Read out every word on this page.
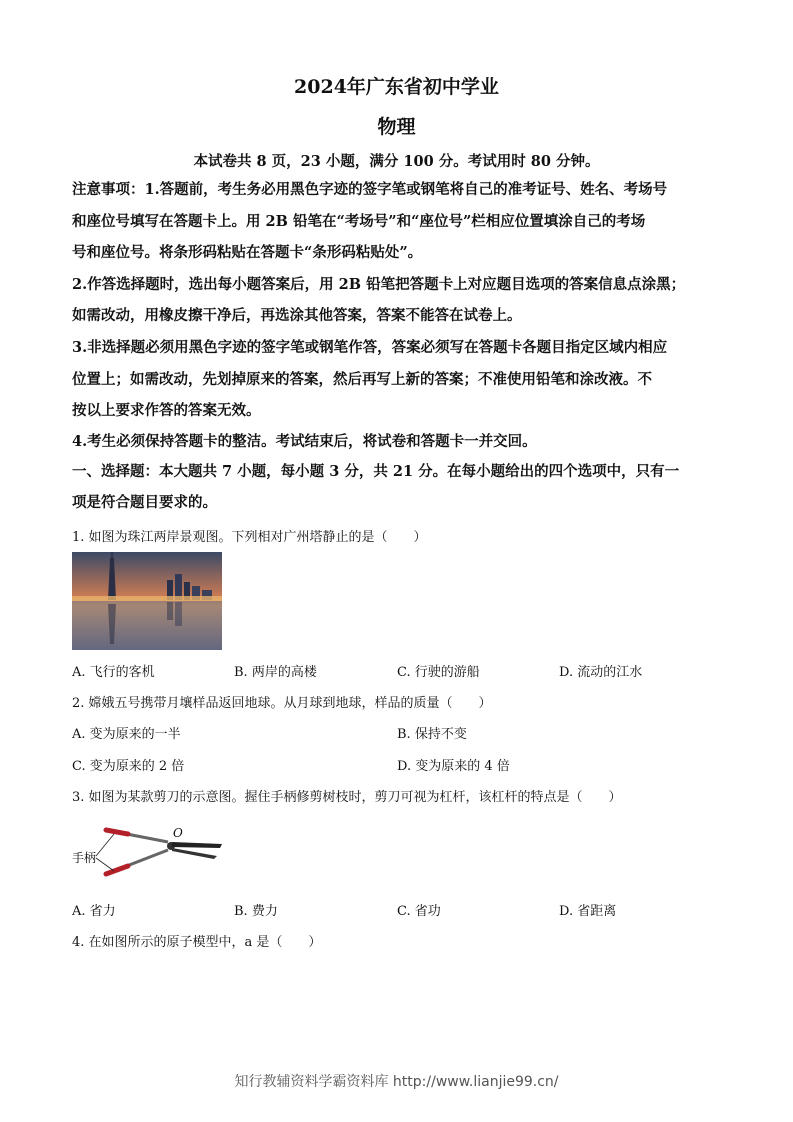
2024年广东省初中学业
物理
本试卷共 8 页，23 小题，满分 100 分。考试用时 80 分钟。
注意事项：1.答题前，考生务必用黑色字迹的签字笔或钢笔将自己的准考证号、姓名、考场号
和座位号填写在答题卡上。用 2B 铅笔在“考场号”和“座位号”栏相应位置填涂自己的考场
号和座位号。将条形码粘贴在答题卡“条形码粘贴处”。
2.作答选择题时，选出每小题答案后，用 2B 铅笔把答题卡上对应题目选项的答案信息点涂黑；
如需改动，用橡皮擦干净后，再选涂其他答案，答案不能答在试卷上。
3.非选择题必须用黑色字迹的签字笔或钢笔作答，答案必须写在答题卡各题目指定区域内相应
位置上；如需改动，先划掉原来的答案，然后再写上新的答案；不准使用铅笔和涂改液。不
按以上要求作答的答案无效。
4.考生必须保持答题卡的整洁。考试结束后，将试卷和答题卡一并交回。
一、选择题：本大题共 7 小题，每小题 3 分，共 21 分。在每小题给出的四个选项中，只有一
项是符合题目要求的。
1. 如图为珠江两岸景观图。下列相对广州塔静止的是（　　）
A. 飞行的客机	B. 两岸的高楼	C. 行驶的游船	D. 流动的江水
2. 嫦娥五号携带月壤样品返回地球。从月球到地球，样品的质量（　　）
A. 变为原来的一半	B. 保持不变
C. 变为原来的 2 倍	D. 变为原来的 4 倍
3. 如图为某款剪刀的示意图。握住手柄修剪树枝时，剪刀可视为杠杆，该杠杆的特点是（　　）
O
手柄
A. 省力	B. 费力	C. 省功	D. 省距离
4. 在如图所示的原子模型中，a 是（　　）
知行教辅资料学霸资料库 http://www.lianjie99.cn/
